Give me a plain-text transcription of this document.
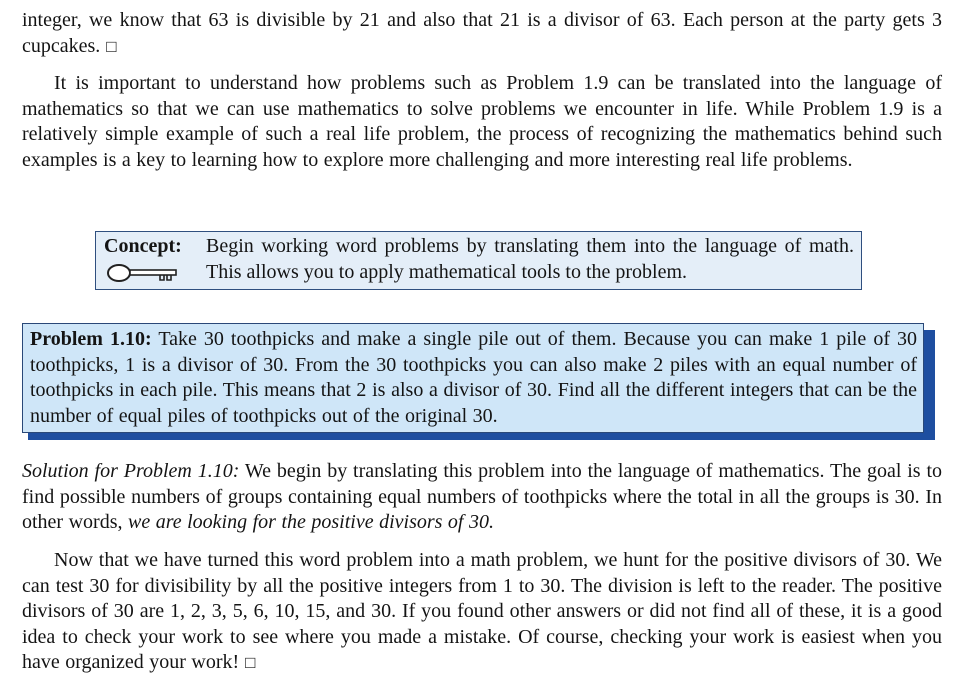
integer, we know that 63 is divisible by 21 and also that 21 is a divisor of 63. Each person at the party gets 3 cupcakes. □

It is important to understand how problems such as Problem 1.9 can be translated into the language of mathematics so that we can use mathematics to solve problems we encounter in life. While Problem 1.9 is a relatively simple example of such a real life problem, the process of recognizing the mathematics behind such examples is a key to learning how to explore more challenging and more interesting real life problems.

Concept: Begin working word problems by translating them into the language of math. This allows you to apply mathematical tools to the problem.

Problem 1.10: Take 30 toothpicks and make a single pile out of them. Because you can make 1 pile of 30 toothpicks, 1 is a divisor of 30. From the 30 toothpicks you can also make 2 piles with an equal number of toothpicks in each pile. This means that 2 is also a divisor of 30. Find all the different integers that can be the number of equal piles of toothpicks out of the original 30.

Solution for Problem 1.10: We begin by translating this problem into the language of mathematics. The goal is to find possible numbers of groups containing equal numbers of toothpicks where the total in all the groups is 30. In other words, we are looking for the positive divisors of 30.

Now that we have turned this word problem into a math problem, we hunt for the positive divisors of 30. We can test 30 for divisibility by all the positive integers from 1 to 30. The division is left to the reader. The positive divisors of 30 are 1, 2, 3, 5, 6, 10, 15, and 30. If you found other answers or did not find all of these, it is a good idea to check your work to see where you made a mistake. Of course, checking your work is easiest when you have organized your work! □
